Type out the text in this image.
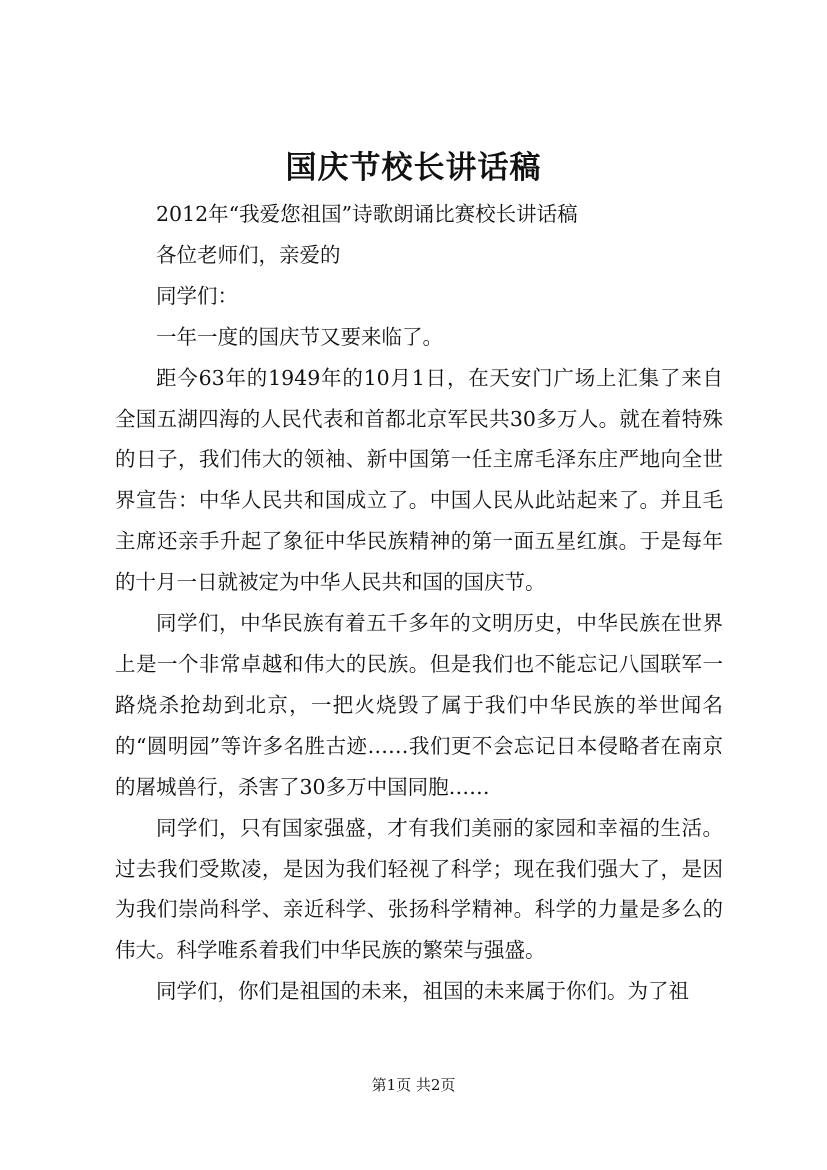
国庆节校长讲话稿

2012年“我爱您祖国”诗歌朗诵比赛校长讲话稿

各位老师们，亲爱的

同学们：

一年一度的国庆节又要来临了。

距今63年的1949年的10月1日，在天安门广场上汇集了来自全国五湖四海的人民代表和首都北京军民共30多万人。就在着特殊的日子，我们伟大的领袖、新中国第一任主席毛泽东庄严地向全世界宣告：中华人民共和国成立了。中国人民从此站起来了。并且毛主席还亲手升起了象征中华民族精神的第一面五星红旗。于是每年的十月一日就被定为中华人民共和国的国庆节。

同学们，中华民族有着五千多年的文明历史，中华民族在世界上是一个非常卓越和伟大的民族。但是我们也不能忘记八国联军一路烧杀抢劫到北京，一把火烧毁了属于我们中华民族的举世闻名的“圆明园”等许多名胜古迹……我们更不会忘记日本侵略者在南京的屠城兽行，杀害了30多万中国同胞……

同学们，只有国家强盛，才有我们美丽的家园和幸福的生活。过去我们受欺凌，是因为我们轻视了科学；现在我们强大了，是因为我们崇尚科学、亲近科学、张扬科学精神。科学的力量是多么的伟大。科学唯系着我们中华民族的繁荣与强盛。

同学们，你们是祖国的未来，祖国的未来属于你们。为了祖

第1页 共2页
